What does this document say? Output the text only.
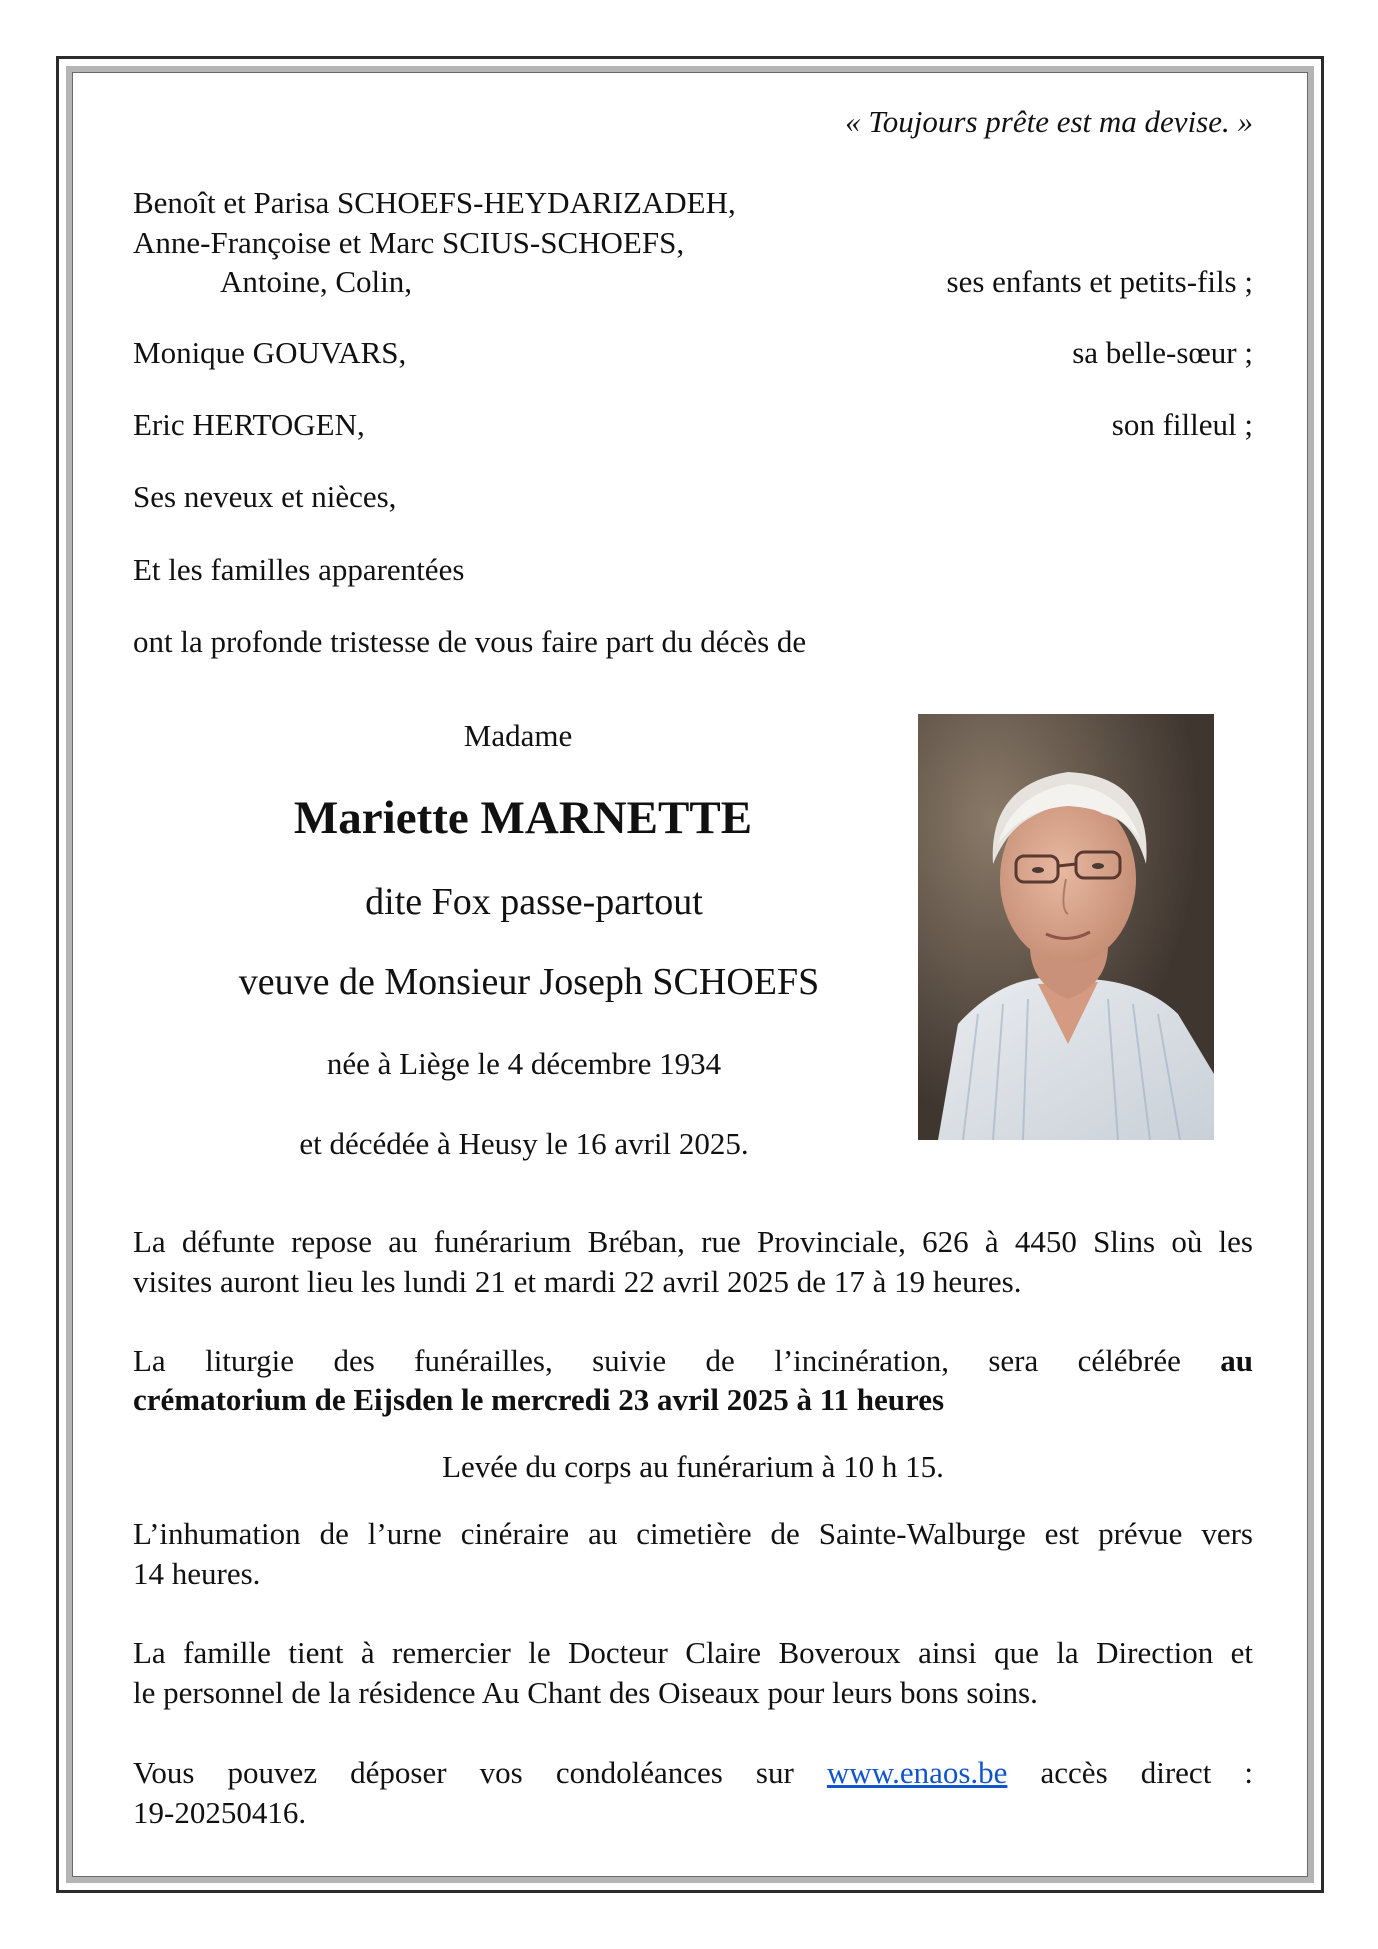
« Toujours prête est ma devise. »
Benoît et Parisa SCHOEFS-HEYDARIZADEH,
Anne-Françoise et Marc SCIUS-SCHOEFS,
Antoine, Colin,	ses enfants et petits-fils ;
Monique GOUVARS,	sa belle-sœur ;
Eric HERTOGEN,	son filleul ;
Ses neveux et nièces,
Et les familles apparentées
ont la profonde tristesse de vous faire part du décès de
Madame
Mariette MARNETTE
dite Fox passe-partout
veuve de Monsieur Joseph SCHOEFS
née à Liège le 4 décembre 1934
et décédée à Heusy le 16 avril 2025.
La défunte repose au funérarium Bréban, rue Provinciale, 626 à 4450 Slins où les
visites auront lieu les lundi 21 et mardi 22 avril 2025 de 17 à 19 heures.
La liturgie des funérailles, suivie de l’incinération, sera célébrée au
crématorium de Eijsden le mercredi 23 avril 2025 à 11 heures
Levée du corps au funérarium à 10 h 15.
L’inhumation de l’urne cinéraire au cimetière de Sainte-Walburge est prévue vers
14 heures.
La famille tient à remercier le Docteur Claire Boveroux ainsi que la Direction et
le personnel de la résidence Au Chant des Oiseaux pour leurs bons soins.
Vous pouvez déposer vos condoléances sur www.enaos.be accès direct :
19-20250416.
